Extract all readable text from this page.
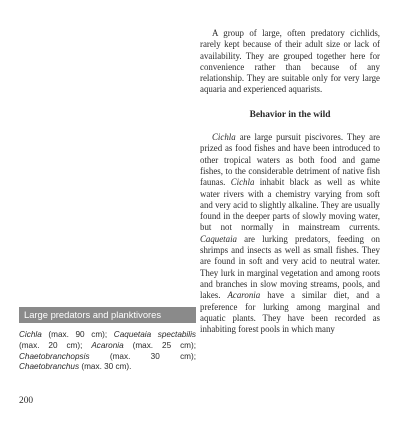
A group of large, often predatory cichlids, rarely kept because of their adult size or lack of availability. They are grouped together here for convenience rather than because of any relationship. They are suitable only for very large aquaria and experienced aquarists.

Behavior in the wild

Cichla are large pursuit piscivores. They are prized as food fishes and have been introduced to other tropical waters as both food and game fishes, to the considerable detriment of native fish faunas. Cichla inhabit black as well as white water rivers with a chemistry varying from soft and very acid to slightly alkaline. They are usually found in the deeper parts of slowly moving water, but not normally in mainstream currents. Caquetaia are lurking predators, feeding on shrimps and insects as well as small fishes. They are found in soft and very acid to neutral water. They lurk in marginal vegetation and among roots and branches in slow moving streams, pools, and lakes. Acaronia have a similar diet, and a preference for lurking among marginal and aquatic plants. They have been recorded as inhabiting forest pools in which many

Large predators and planktivores
Cichla (max. 90 cm); Caquetaia spectabilis (max. 20 cm); Acaronia (max. 25 cm); Chaetobranchopsis (max. 30 cm); Chaetobranchus (max. 30 cm).
200
